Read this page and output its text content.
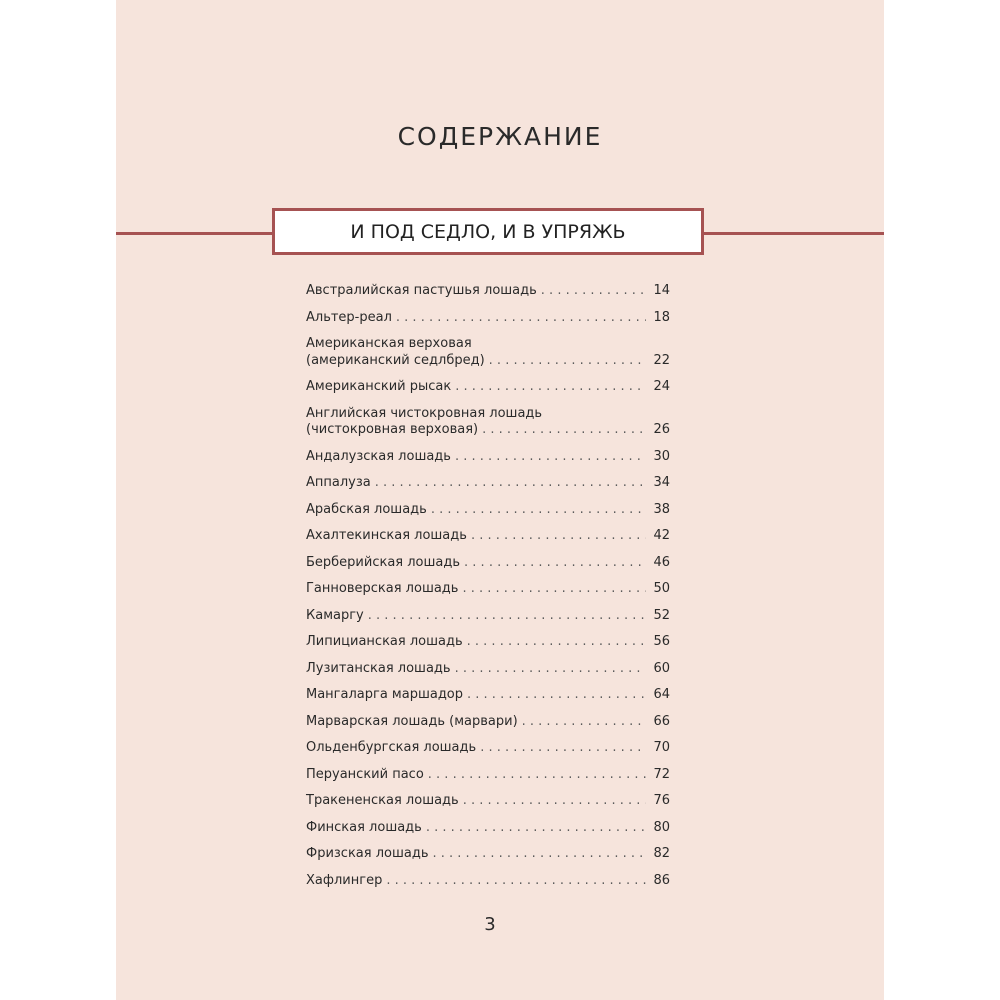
СОДЕРЖАНИЕ
И ПОД СЕДЛО, И В УПРЯЖЬ
Австралийская пастушья лошадь . . .	14
Альтер-реал . . .	18
Американская верховая
(американский седлбред) . . .	22
Американский рысак . . .	24
Английская чистокровная лошадь
(чистокровная верховая) . . .	26
Андалузская лошадь . . .	30
Аппалуза . . .	34
Арабская лошадь . . .	38
Ахалтекинская лошадь . . .	42
Берберийская лошадь . . .	46
Ганноверская лошадь . . .	50
Камаргу . . .	52
Липицианская лошадь . . .	56
Лузитанская лошадь . . .	60
Мангаларга маршадор . . .	64
Марварская лошадь (марвари) . . .	66
Ольденбургская лошадь . . .	70
Перуанский пасо . . .	72
Тракененская лошадь . . .	76
Финская лошадь . . .	80
Фризская лошадь . . .	82
Хафлингер . . .	86
3
